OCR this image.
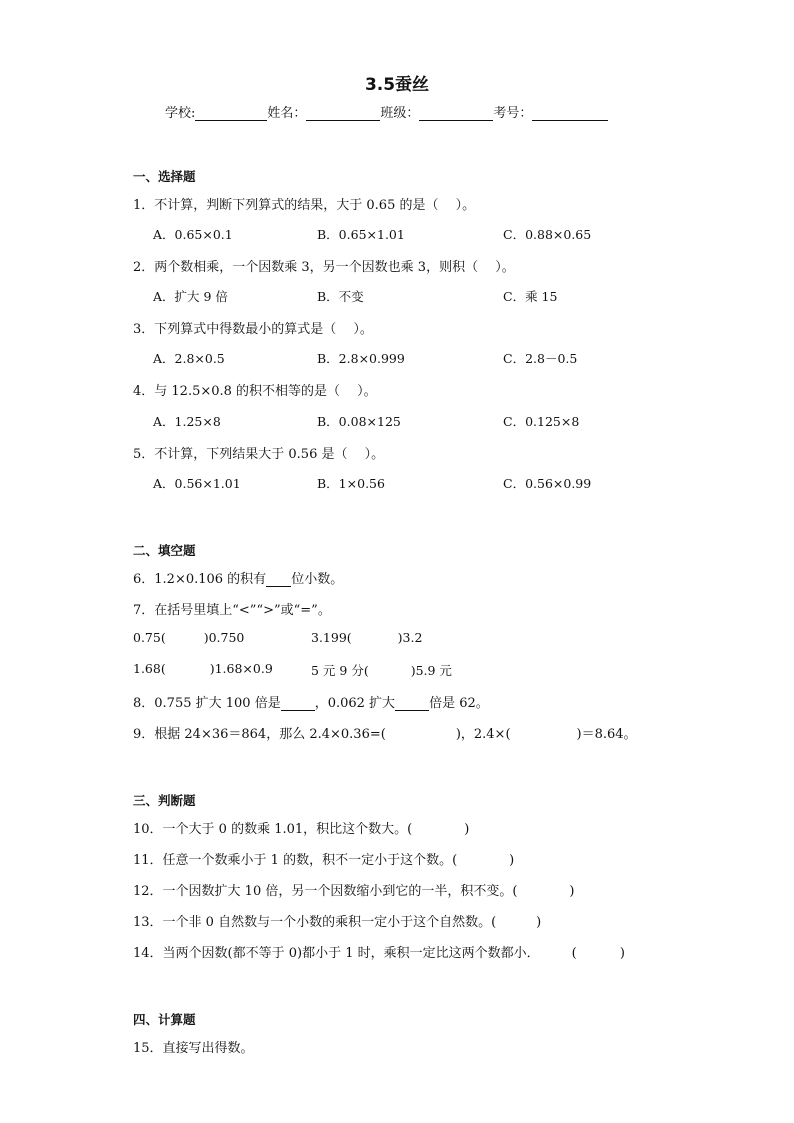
3.5蚕丝
学校:	姓名：	班级：	考号：
一、选择题
1．不计算，判断下列算式的结果，大于 0.65 的是（　 ）。
A．0.65×0.1	B．0.65×1.01	C．0.88×0.65
2．两个数相乘，一个因数乘 3，另一个因数也乘 3，则积（　 ）。
A．扩大 9 倍	B．不变	C．乘 15
3．下列算式中得数最小的算式是（　 ）。
A．2.8×0.5	B．2.8×0.999	C．2.8－0.5
4．与 12.5×0.8 的积不相等的是（　 ）。
A．1.25×8	B．0.08×125	C．0.125×8
5．不计算，下列结果大于 0.56 是（　 ）。
A．0.56×1.01	B．1×0.56	C．0.56×0.99
二、填空题
6．1.2×0.106 的积有 位小数。
7．在括号里填上“<”“>”或“=”。
0.75(	)0.750	3.199(	)3.2
1.68(	)1.68×0.9	5 元 9 分(	)5.9 元
8．0.755 扩大 100 倍是	，0.062 扩大	倍是 62。
9．根据 24×36＝864，那么 2.4×0.36=(	)，2.4×(	)＝8.64。
三、判断题
10．一个大于 0 的数乘 1.01，积比这个数大。(	)
11．任意一个数乘小于 1 的数，积不一定小于这个数。(	)
12．一个因数扩大 10 倍，另一个因数缩小到它的一半，积不变。(	)
13．一个非 0 自然数与一个小数的乘积一定小于这个自然数。(	)
14．当两个因数(都不等于 0)都小于 1 时，乘积一定比这两个数都小． (　　　 )
四、计算题
15．直接写出得数。
